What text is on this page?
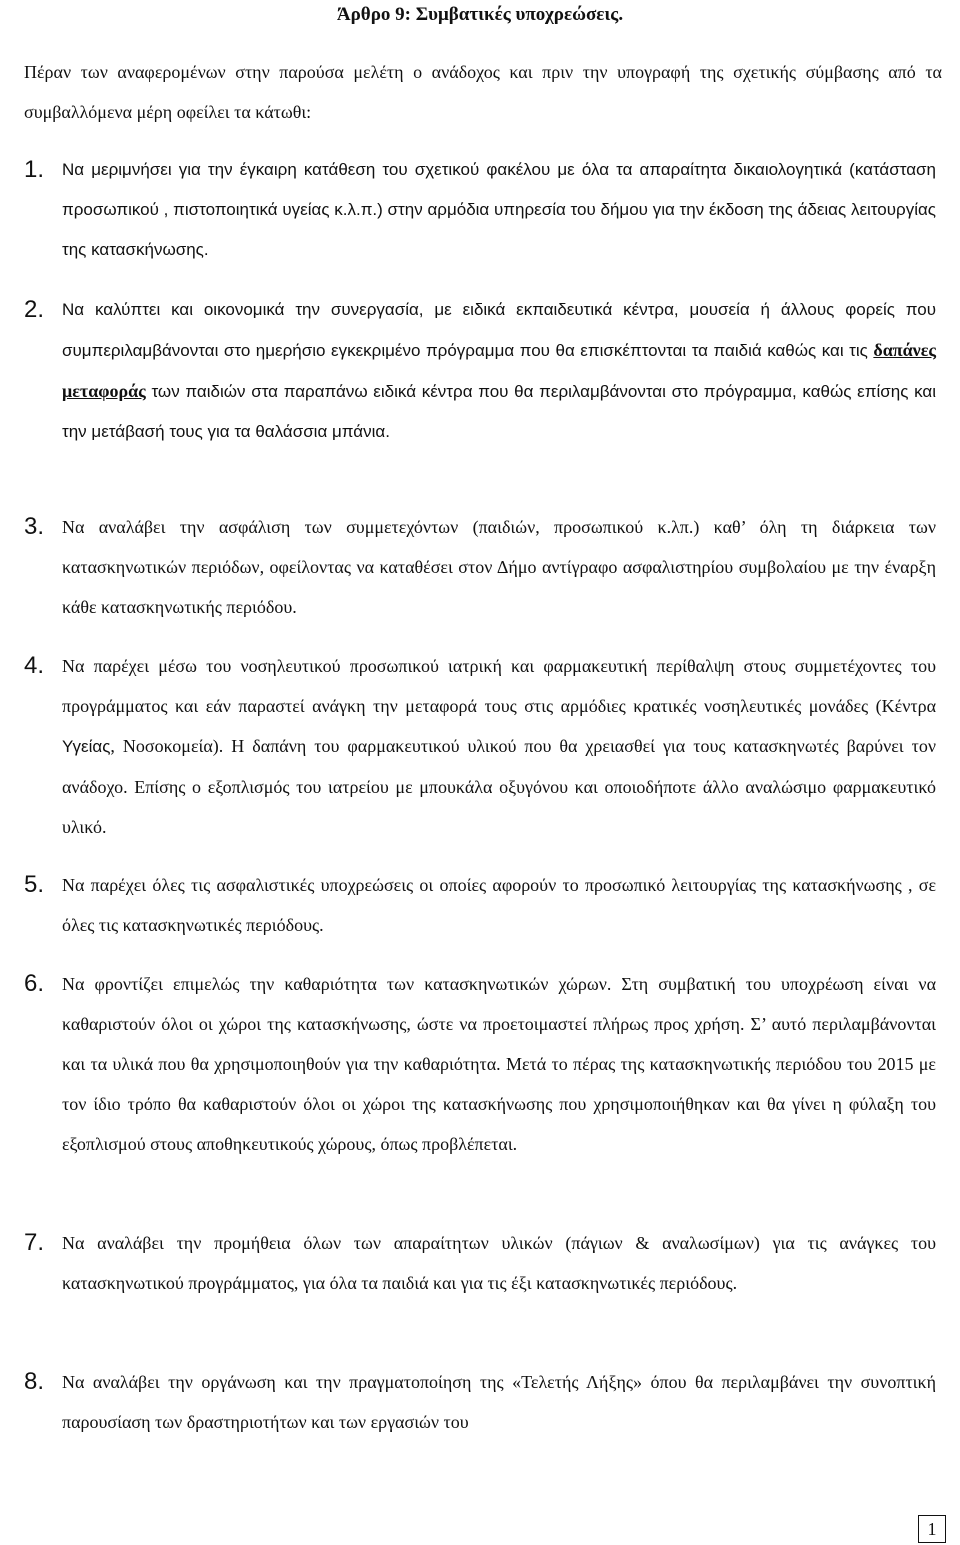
Άρθρο 9: Συμβατικές υποχρεώσεις.
Πέραν των αναφερομένων στην παρούσα μελέτη ο ανάδοχος και πριν την υπογραφή της σχετικής σύμβασης από τα συμβαλλόμενα μέρη οφείλει τα κάτωθι:
1. Να μεριμνήσει για την έγκαιρη κατάθεση του σχετικού φακέλου με όλα τα απαραίτητα δικαιολογητικά (κατάσταση προσωπικού , πιστοποιητικά υγείας κ.λ.π.) στην αρμόδια υπηρεσία του δήμου για την έκδοση της άδειας λειτουργίας της κατασκήνωσης.
2. Να καλύπτει και οικονομικά την συνεργασία, με ειδικά εκπαιδευτικά κέντρα, μουσεία ή άλλους φορείς που συμπεριλαμβάνονται στο ημερήσιο εγκεκριμένο πρόγραμμα που θα επισκέπτονται τα παιδιά καθώς και τις δαπάνες μεταφοράς των παιδιών στα παραπάνω ειδικά κέντρα που θα περιλαμβάνονται στο πρόγραμμα, καθώς επίσης και την μετάβασή τους για τα θαλάσσια μπάνια.
3. Να αναλάβει την ασφάλιση των συμμετεχόντων (παιδιών, προσωπικού κ.λπ.) καθ’ όλη τη διάρκεια των κατασκηνωτικών περιόδων, οφείλοντας να καταθέσει στον Δήμο αντίγραφο ασφαλιστηρίου συμβολαίου με την έναρξη κάθε κατασκηνωτικής περιόδου.
4. Να παρέχει μέσω του νοσηλευτικού προσωπικού ιατρική και φαρμακευτική περίθαλψη στους συμμετέχοντες του προγράμματος και εάν παραστεί ανάγκη την μεταφορά τους στις αρμόδιες κρατικές νοσηλευτικές μονάδες (Κέντρα Υγείας, Νοσοκομεία). Η δαπάνη του φαρμακευτικού υλικού που θα χρειασθεί για τους κατασκηνωτές βαρύνει τον ανάδοχο. Επίσης ο εξοπλισμός του ιατρείου με μπουκάλα οξυγόνου και οποιοδήποτε άλλο αναλώσιμο φαρμακευτικό υλικό.
5. Να παρέχει όλες τις ασφαλιστικές υποχρεώσεις οι οποίες αφορούν το προσωπικό λειτουργίας της κατασκήνωσης , σε όλες τις κατασκηνωτικές περιόδους.
6. Να φροντίζει επιμελώς την καθαριότητα των κατασκηνωτικών χώρων. Στη συμβατική του υποχρέωση είναι να καθαριστούν όλοι οι χώροι της κατασκήνωσης, ώστε να προετοιμαστεί πλήρως προς χρήση. Σ’ αυτό περιλαμβάνονται και τα υλικά που θα χρησιμοποιηθούν για την καθαριότητα. Μετά το πέρας της κατασκηνωτικής περιόδου του 2015 με τον ίδιο τρόπο θα καθαριστούν όλοι οι χώροι της κατασκήνωσης που χρησιμοποιήθηκαν και θα γίνει η φύλαξη του εξοπλισμού στους αποθηκευτικούς χώρους, όπως προβλέπεται.
7. Να αναλάβει την προμήθεια όλων των απαραίτητων υλικών (πάγιων & αναλωσίμων) για τις ανάγκες του κατασκηνωτικού προγράμματος, για όλα τα παιδιά και για τις έξι κατασκηνωτικές περιόδους.
8. Να αναλάβει την οργάνωση και την πραγματοποίηση της «Τελετής Λήξης» όπου θα περιλαμβάνει την συνοπτική παρουσίαση των δραστηριοτήτων και των εργασιών του
1
